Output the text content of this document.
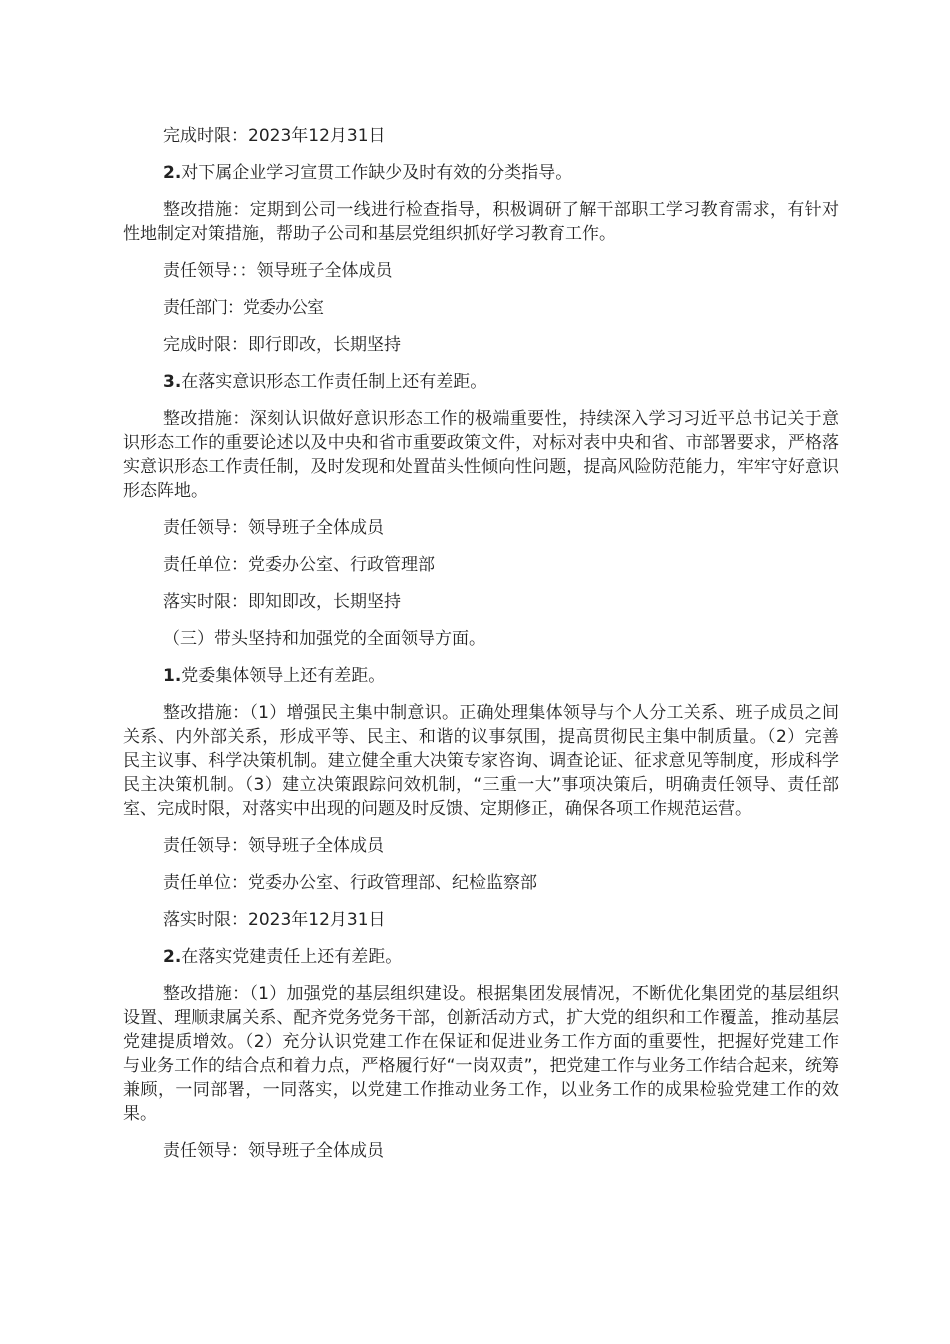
完成时限：2023年12月31日

2.对下属企业学习宣贯工作缺少及时有效的分类指导。

整改措施：定期到公司一线进行检查指导，积极调研了解干部职工学习教育需求，有针对性地制定对策措施，帮助子公司和基层党组织抓好学习教育工作。

责任领导：：领导班子全体成员

责任部门：党委办公室

完成时限：即行即改，长期坚持

3.在落实意识形态工作责任制上还有差距。

整改措施：深刻认识做好意识形态工作的极端重要性，持续深入学习习近平总书记关于意识形态工作的重要论述以及中央和省市重要政策文件，对标对表中央和省、市部署要求，严格落实意识形态工作责任制，及时发现和处置苗头性倾向性问题，提高风险防范能力，牢牢守好意识形态阵地。

责任领导：领导班子全体成员

责任单位：党委办公室、行政管理部

落实时限：即知即改，长期坚持

（三）带头坚持和加强党的全面领导方面。

1.党委集体领导上还有差距。

整改措施：（1）增强民主集中制意识。正确处理集体领导与个人分工关系、班子成员之间关系、内外部关系，形成平等、民主、和谐的议事氛围，提高贯彻民主集中制质量。（2）完善民主议事、科学决策机制。建立健全重大决策专家咨询、调查论证、征求意见等制度，形成科学民主决策机制。（3）建立决策跟踪问效机制，“三重一大”事项决策后，明确责任领导、责任部室、完成时限，对落实中出现的问题及时反馈、定期修正，确保各项工作规范运营。

责任领导：领导班子全体成员

责任单位：党委办公室、行政管理部、纪检监察部

落实时限：2023年12月31日

2.在落实党建责任上还有差距。

整改措施：（1）加强党的基层组织建设。根据集团发展情况，不断优化集团党的基层组织设置、理顺隶属关系、配齐党务党务干部，创新活动方式，扩大党的组织和工作覆盖，推动基层党建提质增效。（2）充分认识党建工作在保证和促进业务工作方面的重要性，把握好党建工作与业务工作的结合点和着力点，严格履行好“一岗双责”，把党建工作与业务工作结合起来，统筹兼顾，一同部署，一同落实，以党建工作推动业务工作，以业务工作的成果检验党建工作的效果。

责任领导：领导班子全体成员
